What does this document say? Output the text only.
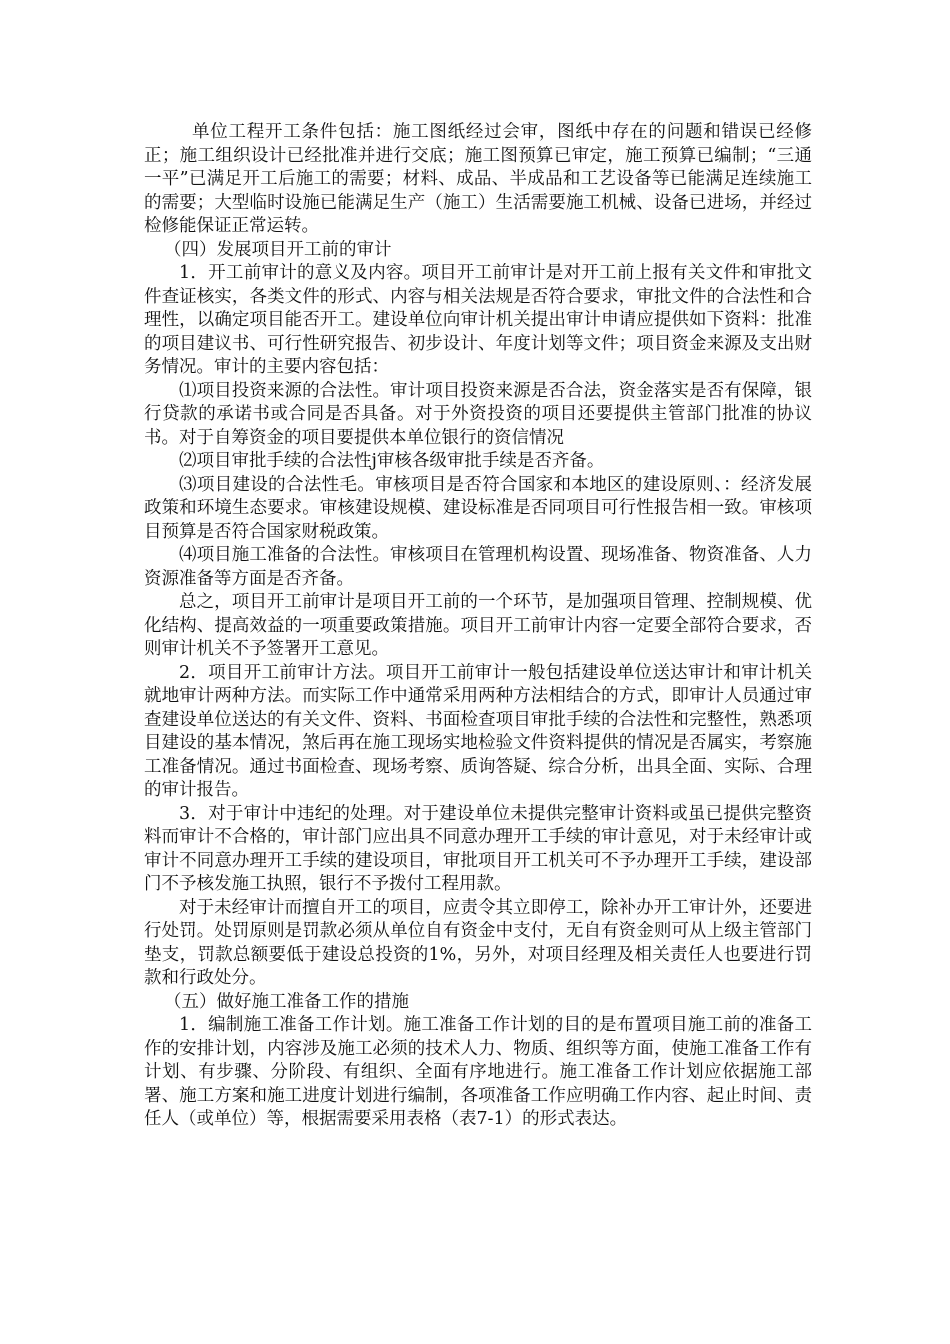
单位工程开工条件包括：施工图纸经过会审，图纸中存在的问题和错误已经修正；施工组织设计已经批准并进行交底；施工图预算已审定，施工预算已编制；“三通一平”已满足开工后施工的需要；材料、成品、半成品和工艺设备等已能满足连续施工的需要；大型临时设施已能满足生产（施工）生活需要施工机械、设备已进场，并经过检修能保证正常运转。

（四）发展项目开工前的审计

1．开工前审计的意义及内容。项目开工前审计是对开工前上报有关文件和审批文件查证核实，各类文件的形式、内容与相关法规是否符合要求，审批文件的合法性和合理性，以确定项目能否开工。建设单位向审计机关提出审计申请应提供如下资料：批准的项目建议书、可行性研究报告、初步设计、年度计划等文件；项目资金来源及支出财务情况。审计的主要内容包括：

⑴项目投资来源的合法性。审计项目投资来源是否合法，资金落实是否有保障，银行贷款的承诺书或合同是否具备。对于外资投资的项目还要提供主管部门批准的协议书。对于自筹资金的项目要提供本单位银行的资信情况

⑵项目审批手续的合法性j审核各级审批手续是否齐备。

⑶项目建设的合法性毛。审核项目是否符合国家和本地区的建设原则、：经济发展政策和环境生态要求。审核建设规模、建设标准是否同项目可行性报告相一致。审核项目预算是否符合国家财税政策。

⑷项目施工准备的合法性。审核项目在管理机构设置、现场准备、物资准备、人力资源准备等方面是否齐备。

总之，项目开工前审计是项目开工前的一个环节，是加强项目管理、控制规模、优化结构、提高效益的一项重要政策措施。项目开工前审计内容一定要全部符合要求，否则审计机关不予签署开工意见。

2．项目开工前审计方法。项目开工前审计一般包括建设单位送达审计和审计机关就地审计两种方法。而实际工作中通常采用两种方法相结合的方式，即审计人员通过审查建设单位送达的有关文件、资料、书面检查项目审批手续的合法性和完整性，熟悉项目建设的基本情况，煞后再在施工现场实地检验文件资料提供的情况是否属实，考察施工准备情况。通过书面检查、现场考察、质询答疑、综合分析，出具全面、实际、合理的审计报告。

3．对于审计中违纪的处理。对于建设单位未提供完整审计资料或虽已提供完整资料而审计不合格的，审计部门应出具不同意办理开工手续的审计意见，对于未经审计或审计不同意办理开工手续的建设项目，审批项目开工机关可不予办理开工手续，建设部门不予核发施工执照，银行不予拨付工程用款。

对于未经审计而擅自开工的项目，应责令其立即停工，除补办开工审计外，还要进行处罚。处罚原则是罚款必须从单位自有资金中支付，无自有资金则可从上级主管部门垫支，罚款总额要低于建设总投资的1%，另外，对项目经理及相关责任人也要进行罚款和行政处分。

（五）做好施工准备工作的措施

1．编制施工准备工作计划。施工准备工作计划的目的是布置项目施工前的准备工作的安排计划，内容涉及施工必须的技术人力、物质、组织等方面，使施工准备工作有计划、有步骤、分阶段、有组织、全面有序地进行。施工准备工作计划应依据施工部署、施工方案和施工进度计划进行编制，各项准备工作应明确工作内容、起止时间、责任人（或单位）等，根据需要采用表格（表7-1）的形式表达。
